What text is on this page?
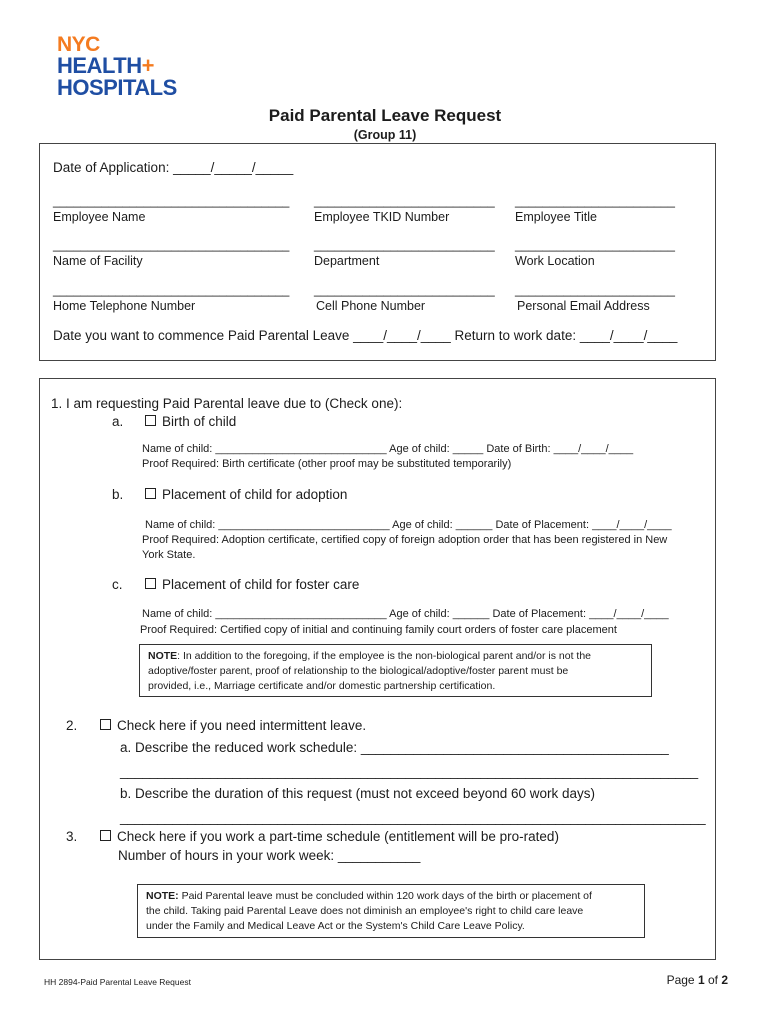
NYC
HEALTH+
HOSPITALS
Paid Parental Leave Request
(Group 11)
Date of Application: _____/_____/_____
__________________________________ __________________________ _______________________
Employee Name	Employee TKID Number	Employee Title
__________________________________ __________________________ _______________________
Name of Facility	Department	Work Location
__________________________________ __________________________ _______________________
Home Telephone Number	Cell Phone Number	Personal Email Address
Date you want to commence Paid Parental Leave ____/____/____ Return to work date: ____/____/____
1. I am requesting Paid Parental leave due to (Check one):
a.	Birth of child
Name of child: ____________________________ Age of child: _____ Date of Birth: ____/____/____
Proof Required: Birth certificate (other proof may be substituted temporarily)
b.	Placement of child for adoption
Name of child: ____________________________ Age of child: ______ Date of Placement: ____/____/____
Proof Required: Adoption certificate, certified copy of foreign adoption order that has been registered in New
York State.
c.	Placement of child for foster care
Name of child: ____________________________ Age of child: ______ Date of Placement: ____/____/____
Proof Required: Certified copy of initial and continuing family court orders of foster care placement
NOTE: In addition to the foregoing, if the employee is the non-biological parent and/or is not the
adoptive/foster parent, proof of relationship to the biological/adoptive/foster parent must be
provided, i.e., Marriage certificate and/or domestic partnership certification.
2.	Check here if you need intermittent leave.
a. Describe the reduced work schedule: _________________________________________
_____________________________________________________________________________
b. Describe the duration of this request (must not exceed beyond 60 work days)
______________________________________________________________________________
3.	Check here if you work a part-time schedule (entitlement will be pro-rated)
Number of hours in your work week: ___________
NOTE: Paid Parental leave must be concluded within 120 work days of the birth or placement of
the child. Taking paid Parental Leave does not diminish an employee's right to child care leave
under the Family and Medical Leave Act or the System's Child Care Leave Policy.
HH 2894-Paid Parental Leave Request	Page 1 of 2
